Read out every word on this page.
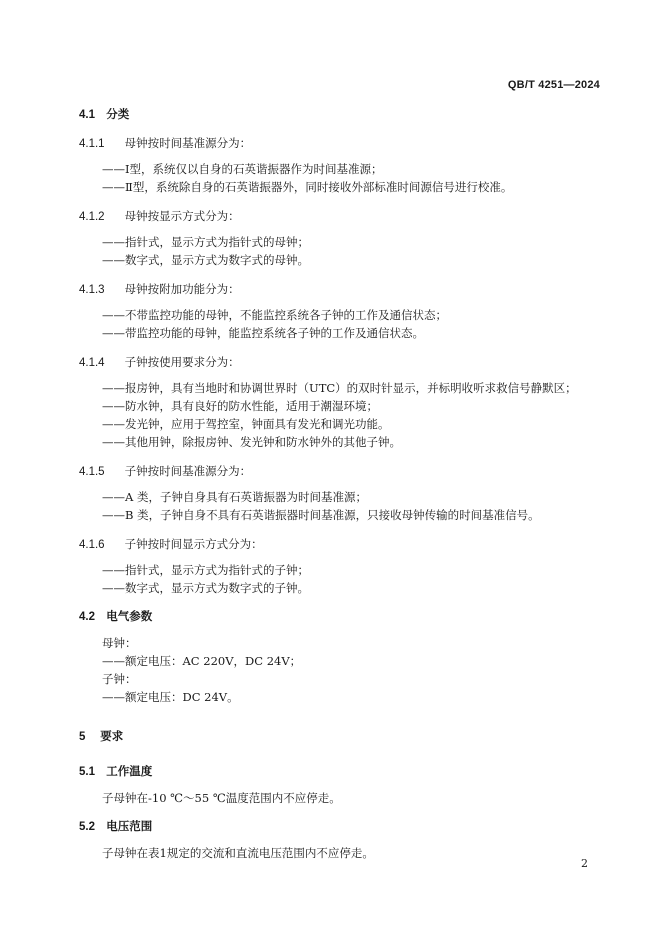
QB/T 4251—2024
4.1 分类
4.1.1 母钟按时间基准源分为：
——Ⅰ型，系统仅以自身的石英谐振器作为时间基准源；
——Ⅱ型，系统除自身的石英谐振器外，同时接收外部标准时间源信号进行校准。
4.1.2 母钟按显示方式分为：
——指针式，显示方式为指针式的母钟；
——数字式，显示方式为数字式的母钟。
4.1.3 母钟按附加功能分为：
——不带监控功能的母钟，不能监控系统各子钟的工作及通信状态；
——带监控功能的母钟，能监控系统各子钟的工作及通信状态。
4.1.4 子钟按使用要求分为：
——报房钟，具有当地时和协调世界时（UTC）的双时针显示，并标明收听求救信号静默区；
——防水钟，具有良好的防水性能，适用于潮湿环境；
——发光钟，应用于驾控室，钟面具有发光和调光功能。
——其他用钟，除报房钟、发光钟和防水钟外的其他子钟。
4.1.5 子钟按时间基准源分为：
——A 类，子钟自身具有石英谐振器为时间基准源；
——B 类，子钟自身不具有石英谐振器时间基准源，只接收母钟传输的时间基准信号。
4.1.6 子钟按时间显示方式分为：
——指针式，显示方式为指针式的子钟；
——数字式，显示方式为数字式的子钟。
4.2 电气参数
母钟：
——额定电压：AC 220V，DC 24V；
子钟：
——额定电压：DC 24V。
5 要求
5.1 工作温度
子母钟在-10 ℃～55 ℃温度范围内不应停走。
5.2 电压范围
子母钟在表1规定的交流和直流电压范围内不应停走。
2
